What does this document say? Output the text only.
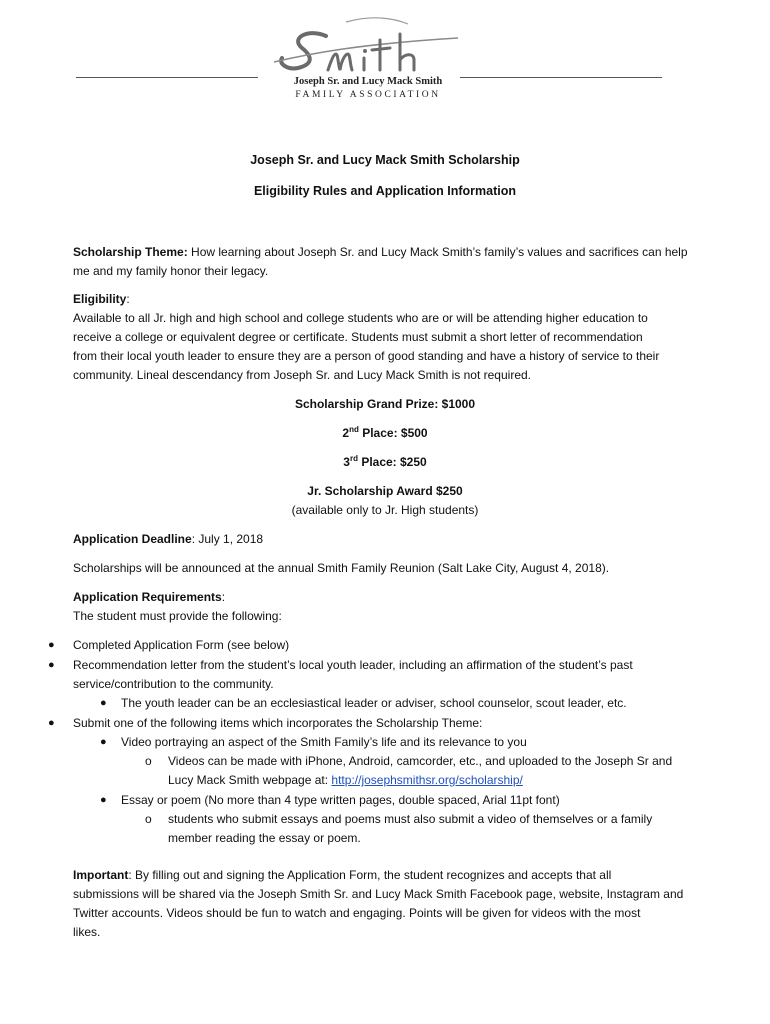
Joseph Sr. and Lucy Mack Smith
FAMILY ASSOCIATION
Joseph Sr. and Lucy Mack Smith Scholarship
Eligibility Rules and Application Information
Scholarship Theme: How learning about Joseph Sr. and Lucy Mack Smith’s family’s values and sacrifices can help
me and my family honor their legacy.
Eligibility:
Available to all Jr. high and high school and college students who are or will be attending higher education to
receive a college or equivalent degree or certificate. Students must submit a short letter of recommendation
from their local youth leader to ensure they are a person of good standing and have a history of service to their
community. Lineal descendancy from Joseph Sr. and Lucy Mack Smith is not required.
Scholarship Grand Prize: $1000
2nd Place: $500
3rd Place: $250
Jr. Scholarship Award $250
(available only to Jr. High students)
Application Deadline: July 1, 2018
Scholarships will be announced at the annual Smith Family Reunion (Salt Lake City, August 4, 2018).
Application Requirements:
The student must provide the following:
● Completed Application Form (see below)
● Recommendation letter from the student’s local youth leader, including an affirmation of the student’s past
service/contribution to the community.
● The youth leader can be an ecclesiastical leader or adviser, school counselor, scout leader, etc.
● Submit one of the following items which incorporates the Scholarship Theme:
● Video portraying an aspect of the Smith Family’s life and its relevance to you
o Videos can be made with iPhone, Android, camcorder, etc., and uploaded to the Joseph Sr and
Lucy Mack Smith webpage at: http://josephsmithsr.org/scholarship/
● Essay or poem (No more than 4 type written pages, double spaced, Arial 11pt font)
o students who submit essays and poems must also submit a video of themselves or a family
member reading the essay or poem.
Important: By filling out and signing the Application Form, the student recognizes and accepts that all
submissions will be shared via the Joseph Smith Sr. and Lucy Mack Smith Facebook page, website, Instagram and
Twitter accounts. Videos should be fun to watch and engaging. Points will be given for videos with the most
likes.
